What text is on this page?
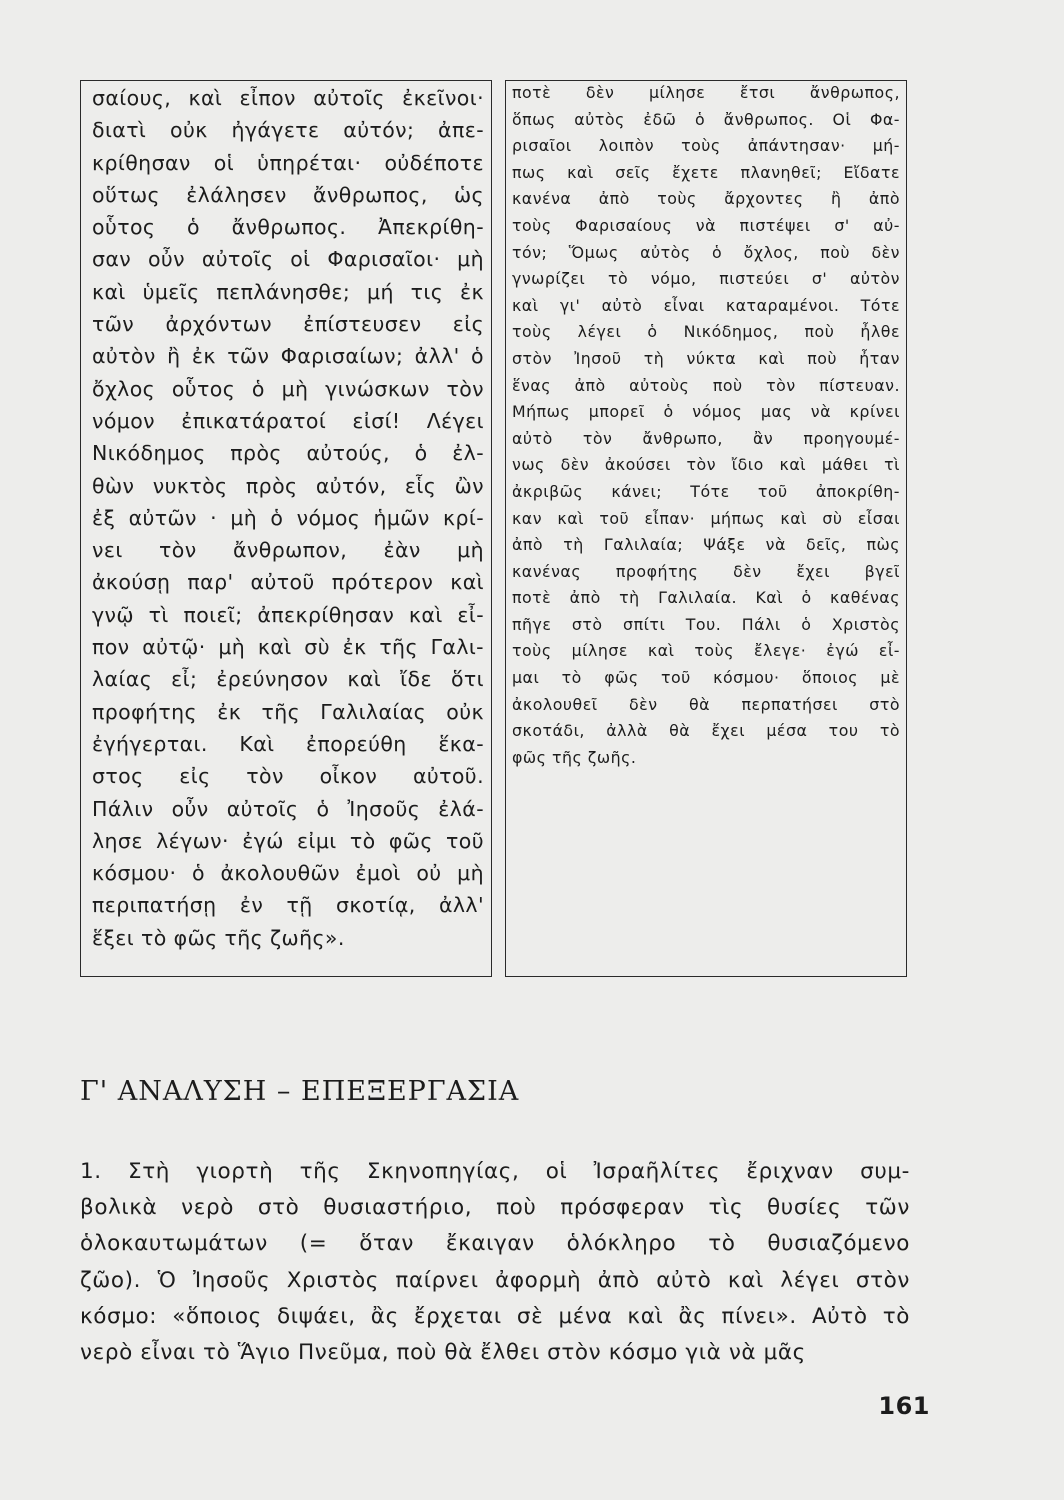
σαίους, καὶ εἶπον αὐτοῖς ἐκεῖνοι·
διατὶ οὐκ ἠγάγετε αὐτόν; ἀπε-
κρίθησαν οἱ ὑπηρέται· οὐδέποτε
οὕτως ἐλάλησεν ἄνθρωπος, ὡς
οὗτος ὁ ἄνθρωπος. Ἀπεκρίθη-
σαν οὖν αὐτοῖς οἱ Φαρισαῖοι· μὴ
καὶ ὑμεῖς πεπλάνησθε; μή τις ἐκ
τῶν ἀρχόντων ἐπίστευσεν εἰς
αὐτὸν ἢ ἐκ τῶν Φαρισαίων; ἀλλ' ὁ
ὄχλος οὗτος ὁ μὴ γινώσκων τὸν
νόμον ἐπικατάρατοί εἰσί! Λέγει
Νικόδημος πρὸς αὐτούς, ὁ ἐλ-
θὼν νυκτὸς πρὸς αὐτόν, εἷς ὢν
ἐξ αὐτῶν · μὴ ὁ νόμος ἡμῶν κρί-
νει τὸν ἄνθρωπον, ἐὰν μὴ
ἀκούσῃ παρ' αὐτοῦ πρότερον καὶ
γνῷ τὶ ποιεῖ; ἀπεκρίθησαν καὶ εἶ-
πον αὐτῷ· μὴ καὶ σὺ ἐκ τῆς Γαλι-
λαίας εἶ; ἐρεύνησον καὶ ἴδε ὅτι
προφήτης ἐκ τῆς Γαλιλαίας οὐκ
ἐγήγερται. Καὶ ἐπορεύθη ἕκα-
στος εἰς τὸν οἶκον αὐτοῦ.
Πάλιν οὖν αὐτοῖς ὁ Ἰησοῦς ἐλά-
λησε λέγων· ἐγώ εἰμι τὸ φῶς τοῦ
κόσμου· ὁ ἀκολουθῶν ἐμοὶ οὐ μὴ
περιπατήσῃ ἐν τῇ σκοτίᾳ, ἀλλ'
ἕξει τὸ φῶς τῆς ζωῆς».
ποτὲ δὲν μίλησε ἔτσι ἄνθρωπος,
ὅπως αὐτὸς ἐδῶ ὁ ἄνθρωπος. Οἱ Φα-
ρισαῖοι λοιπὸν τοὺς ἀπάντησαν· μή-
πως καὶ σεῖς ἔχετε πλανηθεῖ; Εἴδατε
κανένα ἀπὸ τοὺς ἄρχοντες ἢ ἀπὸ
τοὺς Φαρισαίους νὰ πιστέψει σ' αὐ-
τόν; Ὅμως αὐτὸς ὁ ὄχλος, ποὺ δὲν
γνωρίζει τὸ νόμο, πιστεύει σ' αὐτὸν
καὶ γι' αὐτὸ εἶναι καταραμένοι. Τότε
τοὺς λέγει ὁ Νικόδημος, ποὺ ἦλθε
στὸν Ἰησοῦ τὴ νύκτα καὶ ποὺ ἦταν
ἕνας ἀπὸ αὐτοὺς ποὺ τὸν πίστευαν.
Μήπως μπορεῖ ὁ νόμος μας νὰ κρίνει
αὐτὸ τὸν ἄνθρωπο, ἂν προηγουμέ-
νως δὲν ἀκούσει τὸν ἴδιο καὶ μάθει τὶ
ἀκριβῶς κάνει; Τότε τοῦ ἀποκρίθη-
καν καὶ τοῦ εἶπαν· μήπως καὶ σὺ εἶσαι
ἀπὸ τὴ Γαλιλαία; Ψάξε νὰ δεῖς, πὼς
κανένας προφήτης δὲν ἔχει βγεῖ
ποτὲ ἀπὸ τὴ Γαλιλαία. Καὶ ὁ καθένας
πῆγε στὸ σπίτι Του. Πάλι ὁ Χριστὸς
τοὺς μίλησε καὶ τοὺς ἔλεγε· ἐγώ εἶ-
μαι τὸ φῶς τοῦ κόσμου· ὅποιος μὲ
ἀκολουθεῖ δὲν θὰ περπατήσει στὸ
σκοτάδι, ἀλλὰ θὰ ἔχει μέσα του τὸ
φῶς τῆς ζωῆς.
Γ' ΑΝΑΛΥΣΗ – ΕΠΕΞΕΡΓΑΣΙΑ
1. Στὴ γιορτὴ τῆς Σκηνοπηγίας, οἱ Ἰσραῆλίτες ἔριχναν συμ-
βολικὰ νερὸ στὸ θυσιαστήριο, ποὺ πρόσφεραν τὶς θυσίες τῶν
ὁλοκαυτωμάτων (= ὅταν ἔκαιγαν ὁλόκληρο τὸ θυσιαζόμενο
ζῶο). Ὁ Ἰησοῦς Χριστὸς παίρνει ἀφορμὴ ἀπὸ αὐτὸ καὶ λέγει στὸν
κόσμο: «ὅποιος διψάει, ἂς ἔρχεται σὲ μένα καὶ ἂς πίνει». Αὐτὸ τὸ
νερὸ εἶναι τὸ Ἅγιο Πνεῦμα, ποὺ θὰ ἔλθει στὸν κόσμο γιὰ νὰ μᾶς
161
